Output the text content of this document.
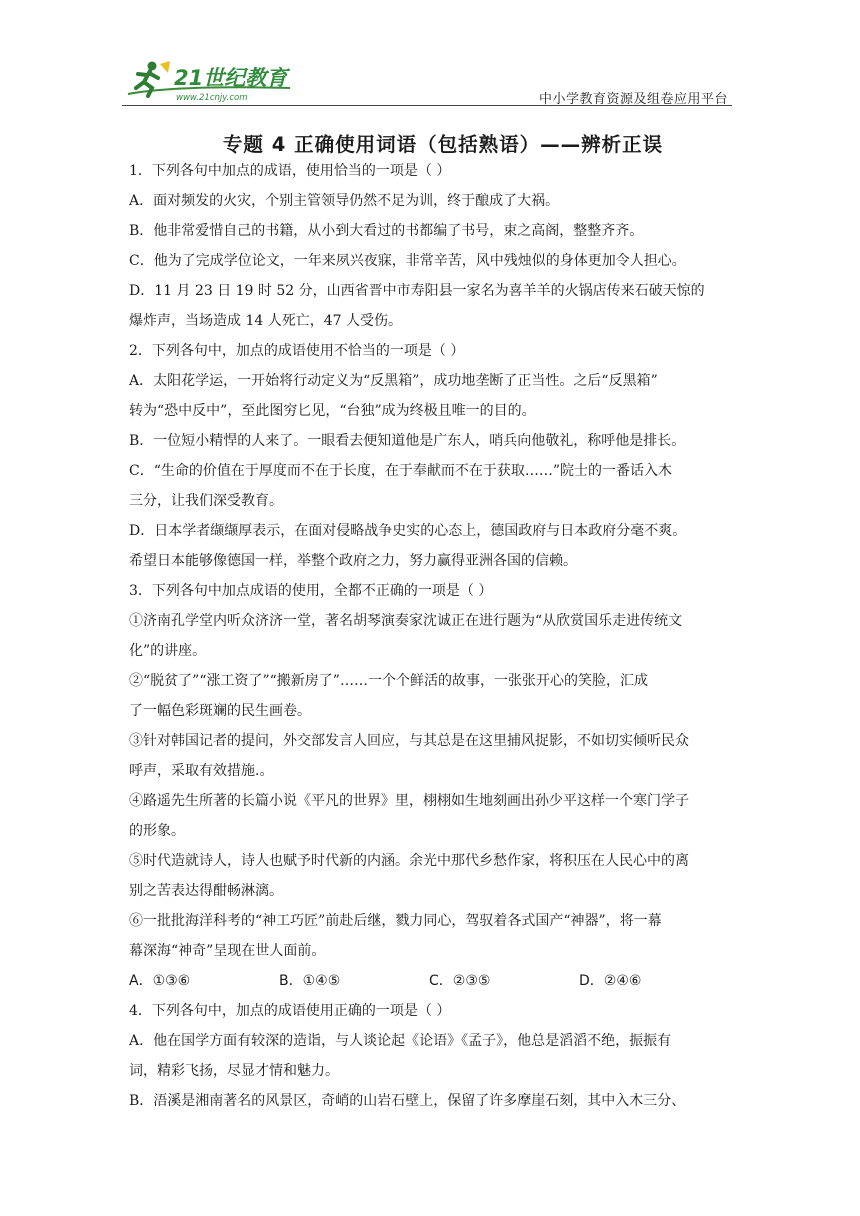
21世纪教育
www.21cnjy.com	中小学教育资源及组卷应用平台
专题 4 正确使用词语（包括熟语）——辨析正误
1．下列各句中加点的成语，使用恰当的一项是（ ）
A．面对频发的火灾，个别主管领导仍然不足为训，终于酿成了大祸。
B．他非常爱惜自己的书籍，从小到大看过的书都编了书号，束之高阁，整整齐齐。
C．他为了完成学位论文，一年来夙兴夜寐，非常辛苦，风中残烛似的身体更加令人担心。
D．11 月 23 日 19 时 52 分，山西省晋中市寿阳县一家名为喜羊羊的火锅店传来石破天惊的
爆炸声，当场造成 14 人死亡，47 人受伤。
2．下列各句中，加点的成语使用不恰当的一项是（ ）
A．太阳花学运，一开始将行动定义为“反黑箱”，成功地垄断了正当性。之后“反黑箱”
转为“恐中反中”，至此图穷匕见，“台独”成为终极且唯一的目的。
B．一位短小精悍的人来了。一眼看去便知道他是广东人，哨兵向他敬礼，称呼他是排长。
C．“生命的价值在于厚度而不在于长度，在于奉献而不在于获取……”院士的一番话入木
三分，让我们深受教育。
D．日本学者缬缬厚表示，在面对侵略战争史实的心态上，德国政府与日本政府分毫不爽。
希望日本能够像德国一样，举整个政府之力，努力赢得亚洲各国的信赖。
3．下列各句中加点成语的使用，全都不正确的一项是（ ）
①济南孔学堂内听众济济一堂，著名胡琴演奏家沈诚正在进行题为“从欣赏国乐走进传统文
化”的讲座。
②“脱贫了”“涨工资了”“搬新房了”……一个个鲜活的故事，一张张开心的笑脸，汇成
了一幅色彩斑斓的民生画卷。
③针对韩国记者的提问，外交部发言人回应，与其总是在这里捕风捉影，不如切实倾听民众
呼声，采取有效措施.。
④路遥先生所著的长篇小说《平凡的世界》里，栩栩如生地刻画出孙少平这样一个寒门学子
的形象。
⑤时代造就诗人，诗人也赋予时代新的内涵。余光中那代乡愁作家，将积压在人民心中的离
别之苦表达得酣畅淋漓。
⑥一批批海洋科考的“神工巧匠”前赴后继，戮力同心，驾驭着各式国产“神器”，将一幕
幕深海“神奇”呈现在世人面前。
A．①③⑥	B．①④⑤	C．②③⑤	D．②④⑥
4．下列各句中，加点的成语使用正确的一项是（ ）
A．他在国学方面有较深的造诣，与人谈论起《论语》《孟子》，他总是滔滔不绝，振振有
词，精彩飞扬，尽显才情和魅力。
B．浯溪是湘南著名的风景区，奇峭的山岩石壁上，保留了许多摩崖石刻，其中入木三分、
